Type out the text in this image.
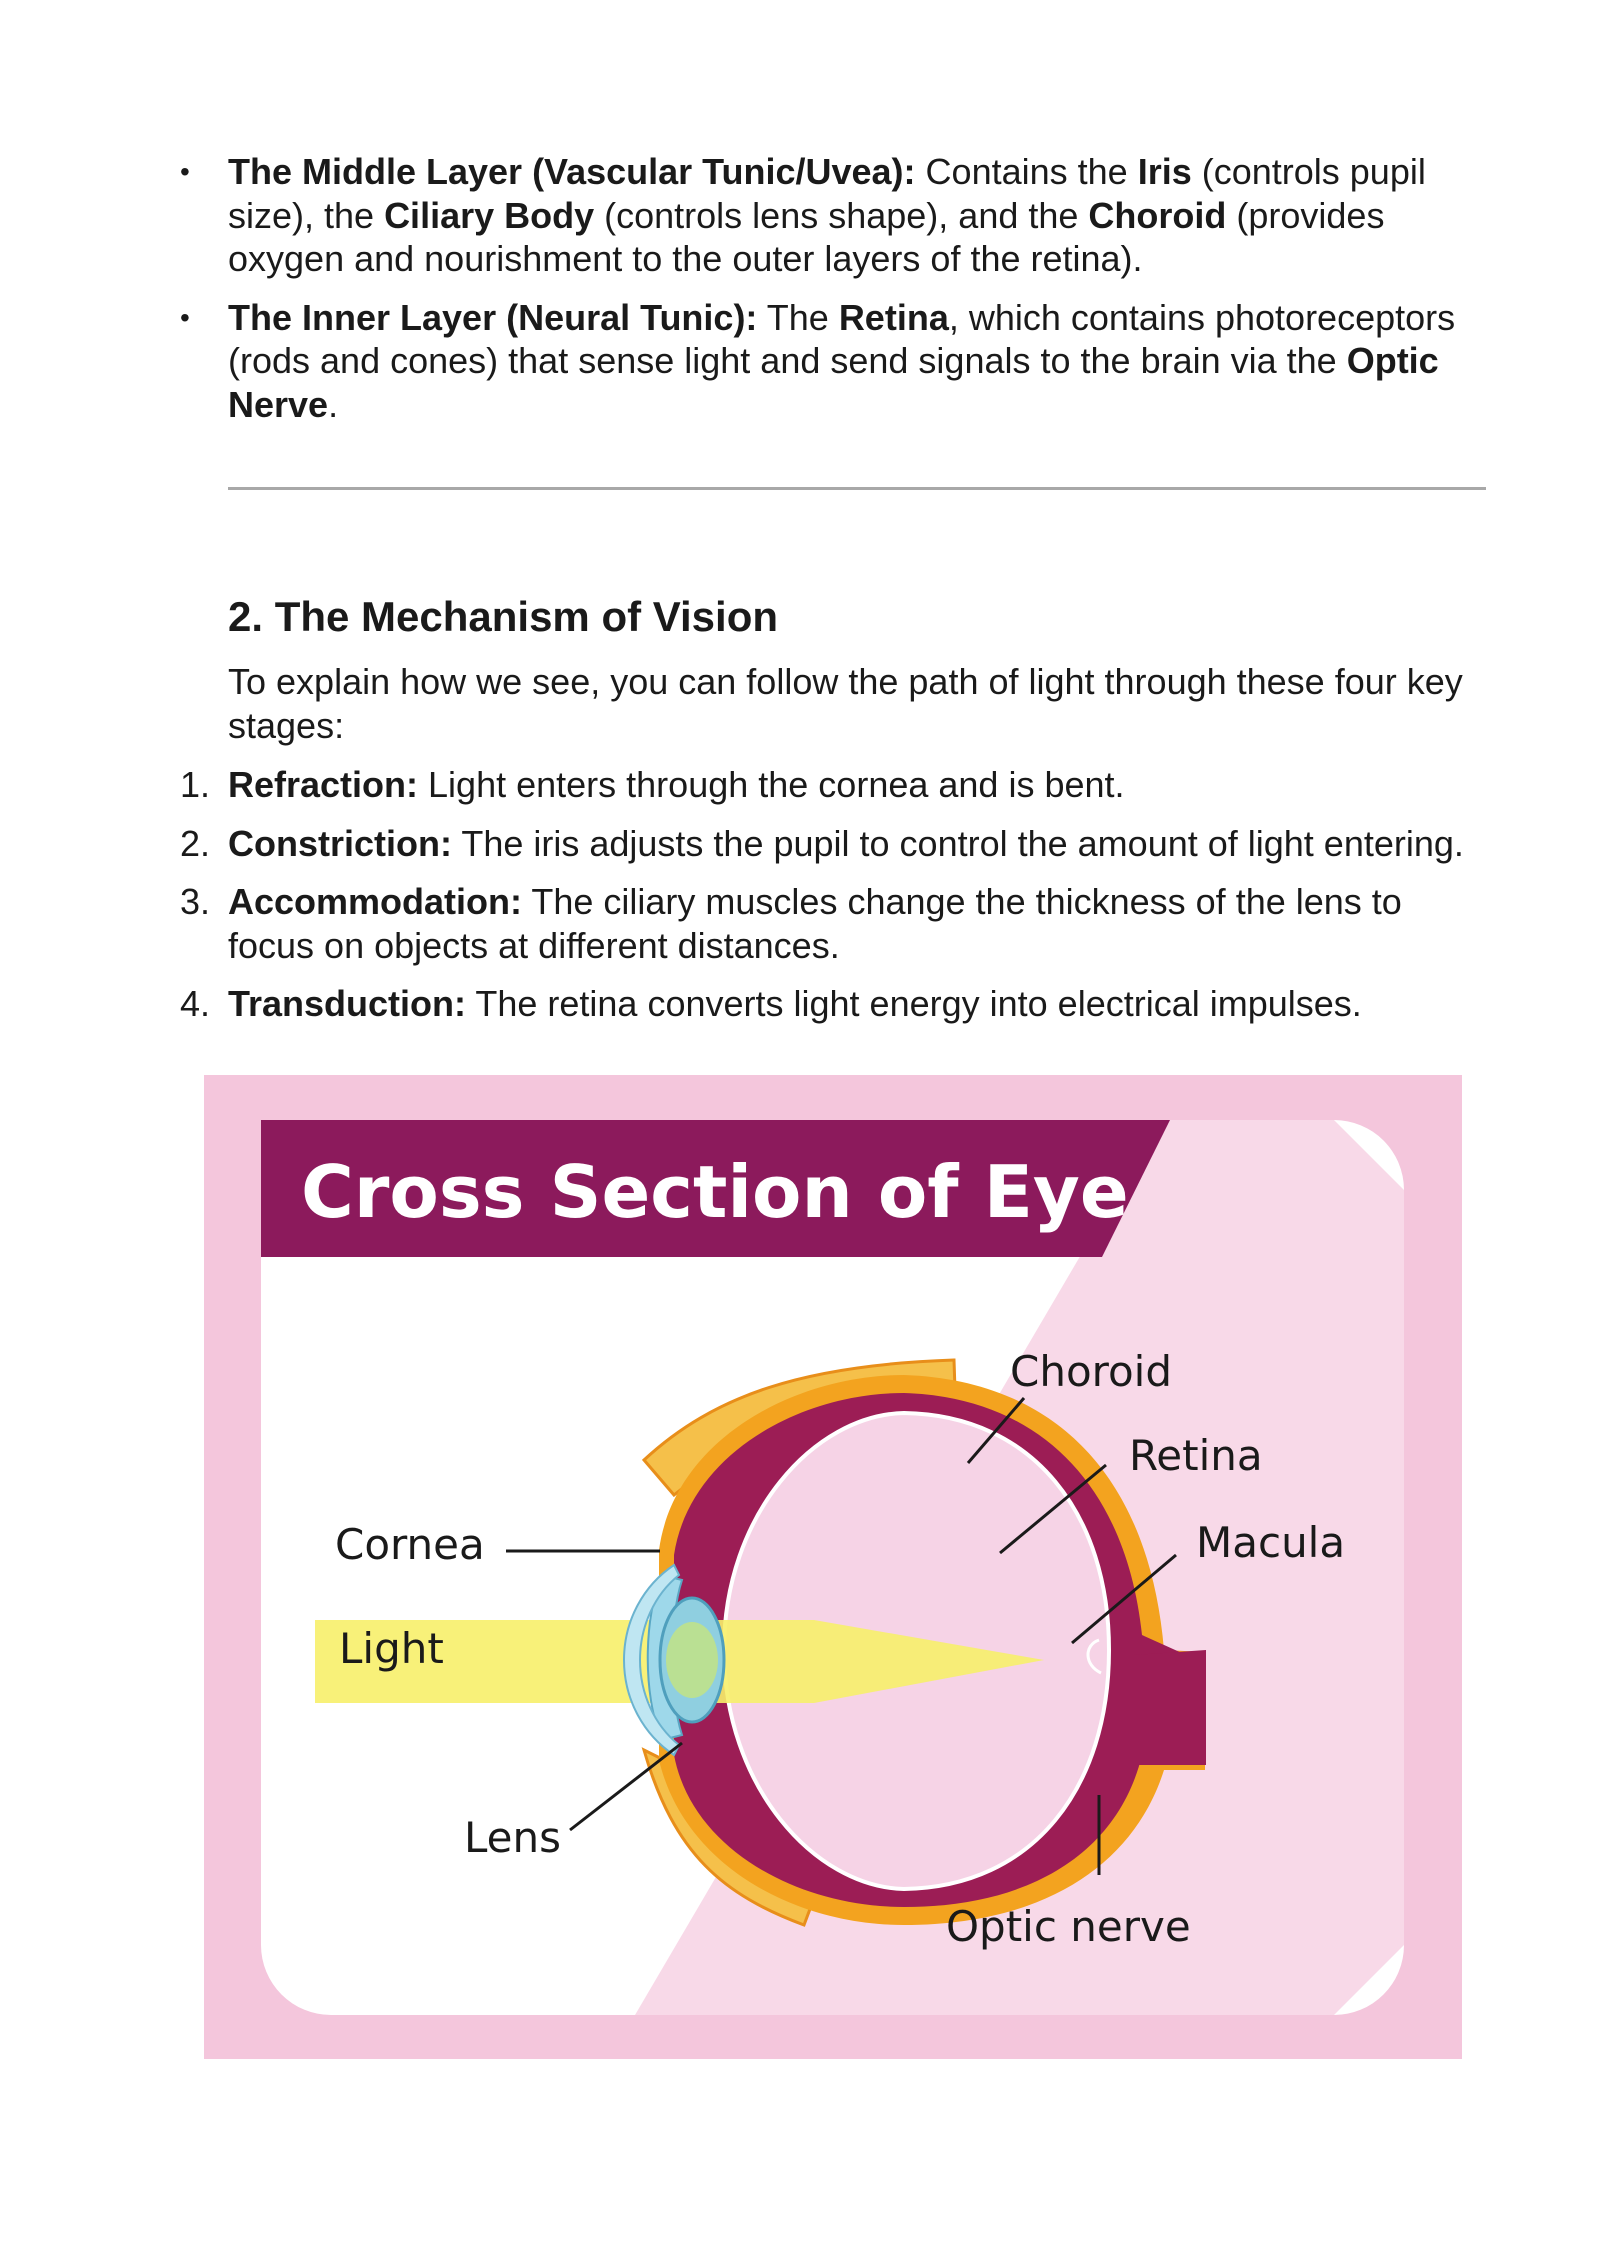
• The Middle Layer (Vascular Tunic/Uvea): Contains the Iris (controls pupil size), the Ciliary Body (controls lens shape), and the Choroid (provides oxygen and nourishment to the outer layers of the retina).
• The Inner Layer (Neural Tunic): The Retina, which contains photoreceptors (rods and cones) that sense light and send signals to the brain via the Optic Nerve.
2. The Mechanism of Vision

To explain how we see, you can follow the path of light through these four key stages:

1. Refraction: Light enters through the cornea and is bent.
2. Constriction: The iris adjusts the pupil to control the amount of light entering.
3. Accommodation: The ciliary muscles change the thickness of the lens to focus on objects at different distances.
4. Transduction: The retina converts light energy into electrical impulses.
Cross Section of Eye
Choroid
Retina
Macula
Cornea
Light
Lens
Optic nerve
